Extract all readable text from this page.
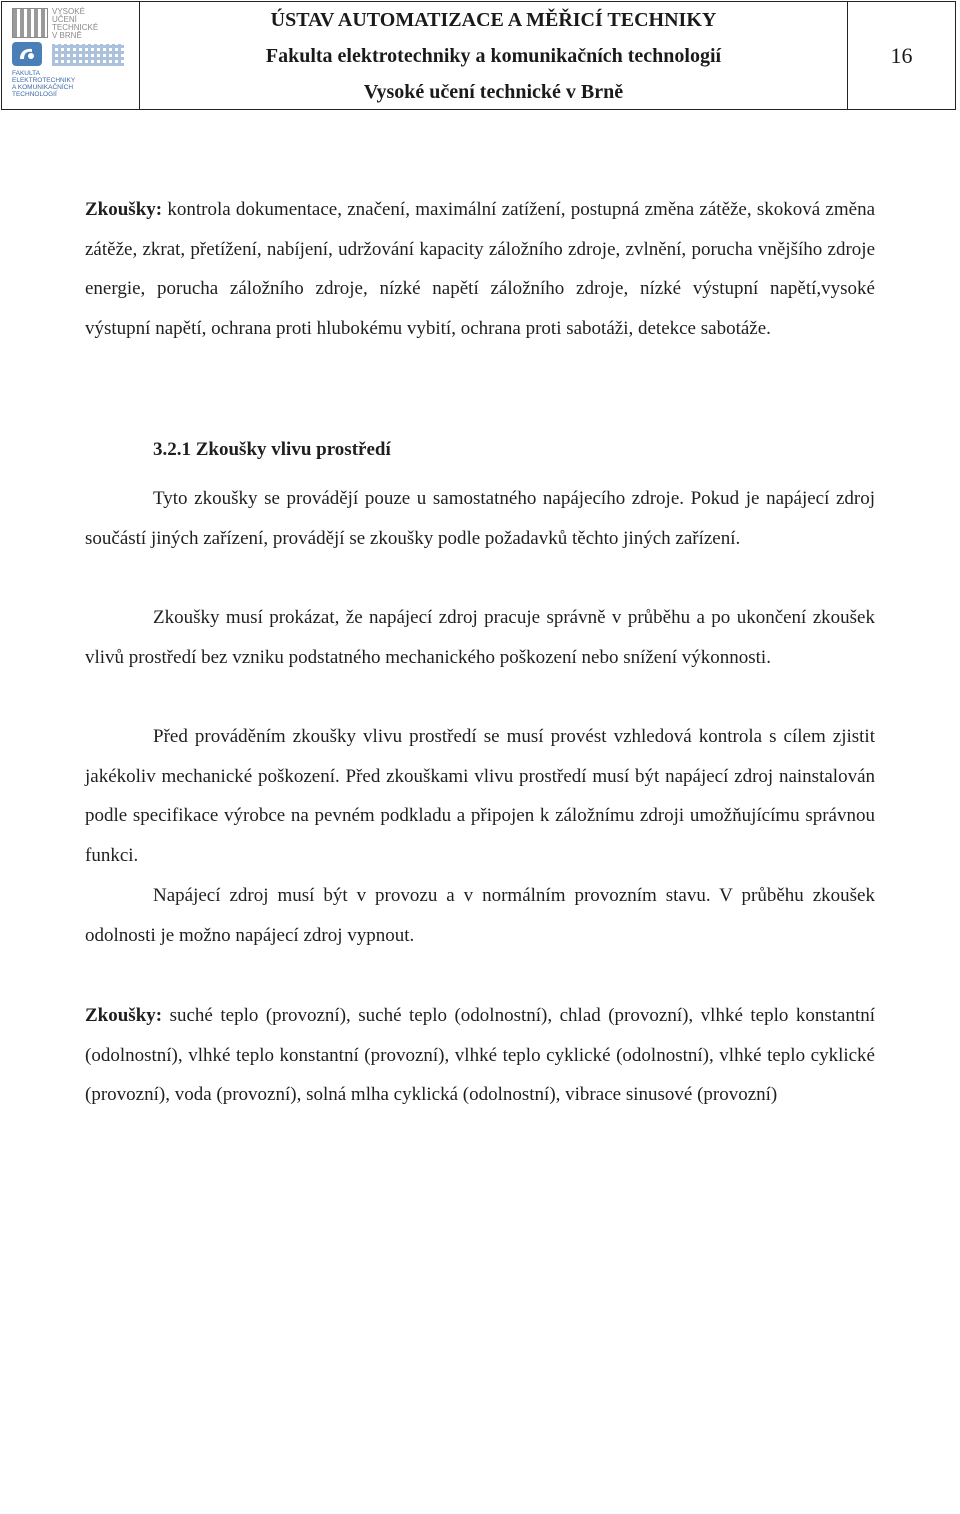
VYSOKÉ
UČENÍ
TECHNICKÉ
V BRNĚ
FAKULTA
ELEKTROTECHNIKY
A KOMUNIKAČNÍCH
TECHNOLOGIÍ
ÚSTAV AUTOMATIZACE A MĚŘICÍ TECHNIKY
Fakulta elektrotechniky a komunikačních technologií
Vysoké učení technické v Brně
16

Zkoušky: kontrola dokumentace, značení, maximální zatížení, postupná změna zátěže, skoková změna zátěže, zkrat, přetížení, nabíjení, udržování kapacity záložního zdroje, zvlnění, porucha vnějšího zdroje energie, porucha záložního zdroje, nízké napětí záložního zdroje, nízké výstupní napětí,vysoké výstupní napětí, ochrana proti hlubokému vybití, ochrana proti sabotáži, detekce sabotáže.

3.2.1 Zkoušky vlivu prostředí

Tyto zkoušky se provádějí pouze u samostatného napájecího zdroje. Pokud je napájecí zdroj součástí jiných zařízení, provádějí se zkoušky podle požadavků těchto jiných zařízení.

Zkoušky musí prokázat, že napájecí zdroj pracuje správně v průběhu a po ukončení zkoušek vlivů prostředí bez vzniku podstatného mechanického poškození nebo snížení výkonnosti.

Před prováděním zkoušky vlivu prostředí se musí provést vzhledová kontrola s cílem zjistit jakékoliv mechanické poškození. Před zkouškami vlivu prostředí musí být napájecí zdroj nainstalován podle specifikace výrobce na pevném podkladu a připojen k záložnímu zdroji umožňujícímu správnou funkci.

Napájecí zdroj musí být v provozu a v normálním provozním stavu. V průběhu zkoušek odolnosti je možno napájecí zdroj vypnout.

Zkoušky: suché teplo (provozní), suché teplo (odolnostní), chlad (provozní), vlhké teplo konstantní (odolnostní), vlhké teplo konstantní (provozní), vlhké teplo cyklické (odolnostní), vlhké teplo cyklické (provozní), voda (provozní), solná mlha cyklická (odolnostní), vibrace sinusové (provozní)
